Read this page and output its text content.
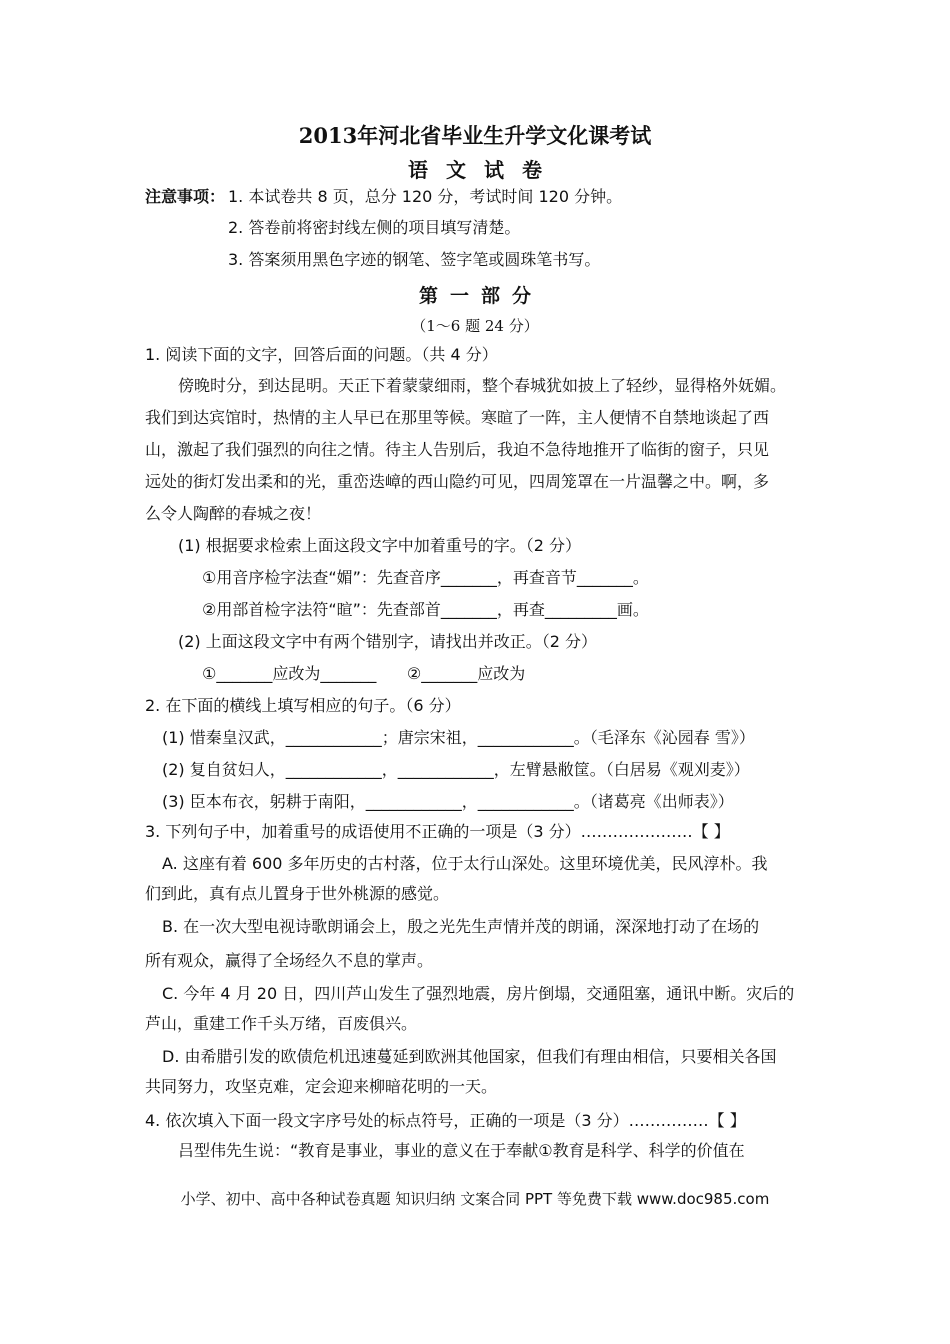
2013年河北省毕业生升学文化课考试
语文试卷
注意事项： 1. 本试卷共 8 页，总分 120 分，考试时间 120 分钟。
2. 答卷前将密封线左侧的项目填写清楚。
3. 答案须用黑色字迹的钢笔、签字笔或圆珠笔书写。
第一部分
（1～6 题 24 分）
1. 阅读下面的文字，回答后面的问题。（共 4 分）
傍晚时分，到达昆明。天正下着蒙蒙细雨，整个春城犹如披上了轻纱，显得格外妩媚。
我们到达宾馆时，热情的主人早已在那里等候。寒暄了一阵，主人便情不自禁地谈起了西
山，激起了我们强烈的向往之情。待主人告别后，我迫不急待地推开了临街的窗子，只见
远处的街灯发出柔和的光，重峦迭嶂的西山隐约可见，四周笼罩在一片温馨之中。啊，多
么令人陶醉的春城之夜！
(1) 根据要求检索上面这段文字中加着重号的字。（2 分）
①用音序检字法查“媚”：先查音序_______，再查音节_______。
②用部首检字法符“暄”：先查部首_______，再查_________画。
(2) 上面这段文字中有两个错别字，请找出并改正。（2 分）
①_______应改为_______      ②_______应改为
2. 在下面的横线上填写相应的句子。（6 分）
(1) 惜秦皇汉武，____________；唐宗宋祖，____________。（毛泽东《沁园春 雪》）
(2) 复自贫妇人，____________，____________，左臂悬敝筐。（白居易《观刈麦》）
(3) 臣本布衣，躬耕于南阳，____________，____________。（诸葛亮《出师表》）
3. 下列句子中，加着重号的成语使用不正确的一项是（3 分）…………………【 】
A. 这座有着 600 多年历史的古村落，位于太行山深处。这里环境优美，民风淳朴。我
们到此，真有点儿置身于世外桃源的感觉。
B. 在一次大型电视诗歌朗诵会上，殷之光先生声情并茂的朗诵，深深地打动了在场的
所有观众，赢得了全场经久不息的掌声。
C. 今年 4 月 20 日，四川芦山发生了强烈地震，房片倒塌，交通阻塞，通讯中断。灾后的
芦山，重建工作千头万绪，百废俱兴。
D. 由希腊引发的欧债危机迅速蔓延到欧洲其他国家，但我们有理由相信，只要相关各国
共同努力，攻坚克难，定会迎来柳暗花明的一天。
4. 依次填入下面一段文字序号处的标点符号，正确的一项是（3 分）……………【 】
吕型伟先生说：“教育是事业，事业的意义在于奉献①教育是科学、科学的价值在
小学、初中、高中各种试卷真题 知识归纳 文案合同 PPT 等免费下载 www.doc985.com
